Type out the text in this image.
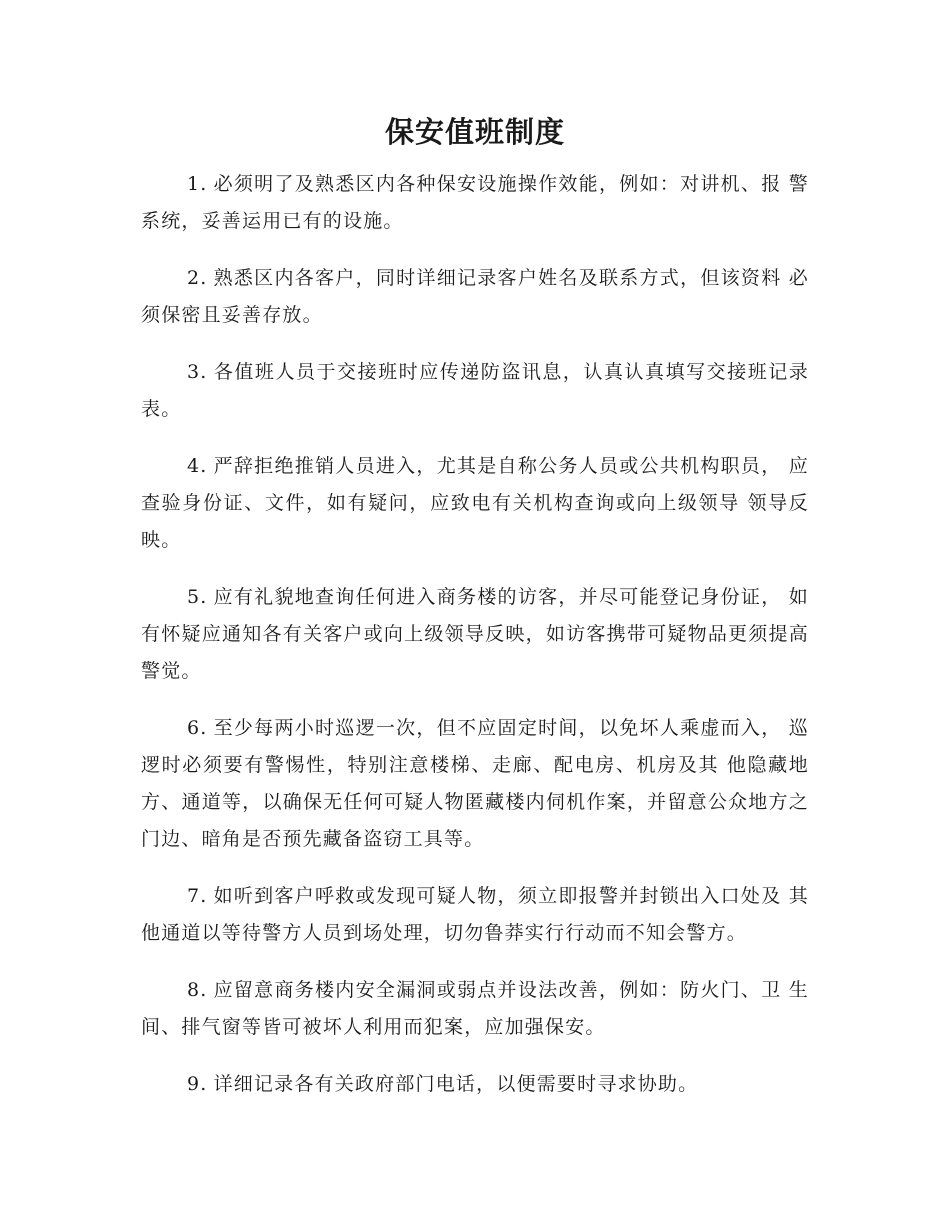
保安值班制度

1. 必须明了及熟悉区内各种保安设施操作效能，例如：对讲机、报 警系统，妥善运用已有的设施。

2. 熟悉区内各客户，同时详细记录客户姓名及联系方式，但该资料 必须保密且妥善存放。

3. 各值班人员于交接班时应传递防盗讯息，认真认真填写交接班记录表。

4. 严辞拒绝推销人员进入，尤其是自称公务人员或公共机构职员， 应查验身份证、文件，如有疑问，应致电有关机构查询或向上级领导 领导反映。

5. 应有礼貌地查询任何进入商务楼的访客，并尽可能登记身份证， 如有怀疑应通知各有关客户或向上级领导反映，如访客携带可疑物品更须提高警觉。

6. 至少每两小时巡逻一次，但不应固定时间，以免坏人乘虚而入， 巡逻时必须要有警惕性，特别注意楼梯、走廊、配电房、机房及其 他隐藏地方、通道等，以确保无任何可疑人物匿藏楼内伺机作案，并留意公众地方之门边、暗角是否预先藏备盗窃工具等。

7. 如听到客户呼救或发现可疑人物，须立即报警并封锁出入口处及 其他通道以等待警方人员到场处理，切勿鲁莽实行行动而不知会警方。

8. 应留意商务楼内安全漏洞或弱点并设法改善，例如：防火门、卫 生间、排气窗等皆可被坏人利用而犯案，应加强保安。

9. 详细记录各有关政府部门电话，以便需要时寻求协助。
